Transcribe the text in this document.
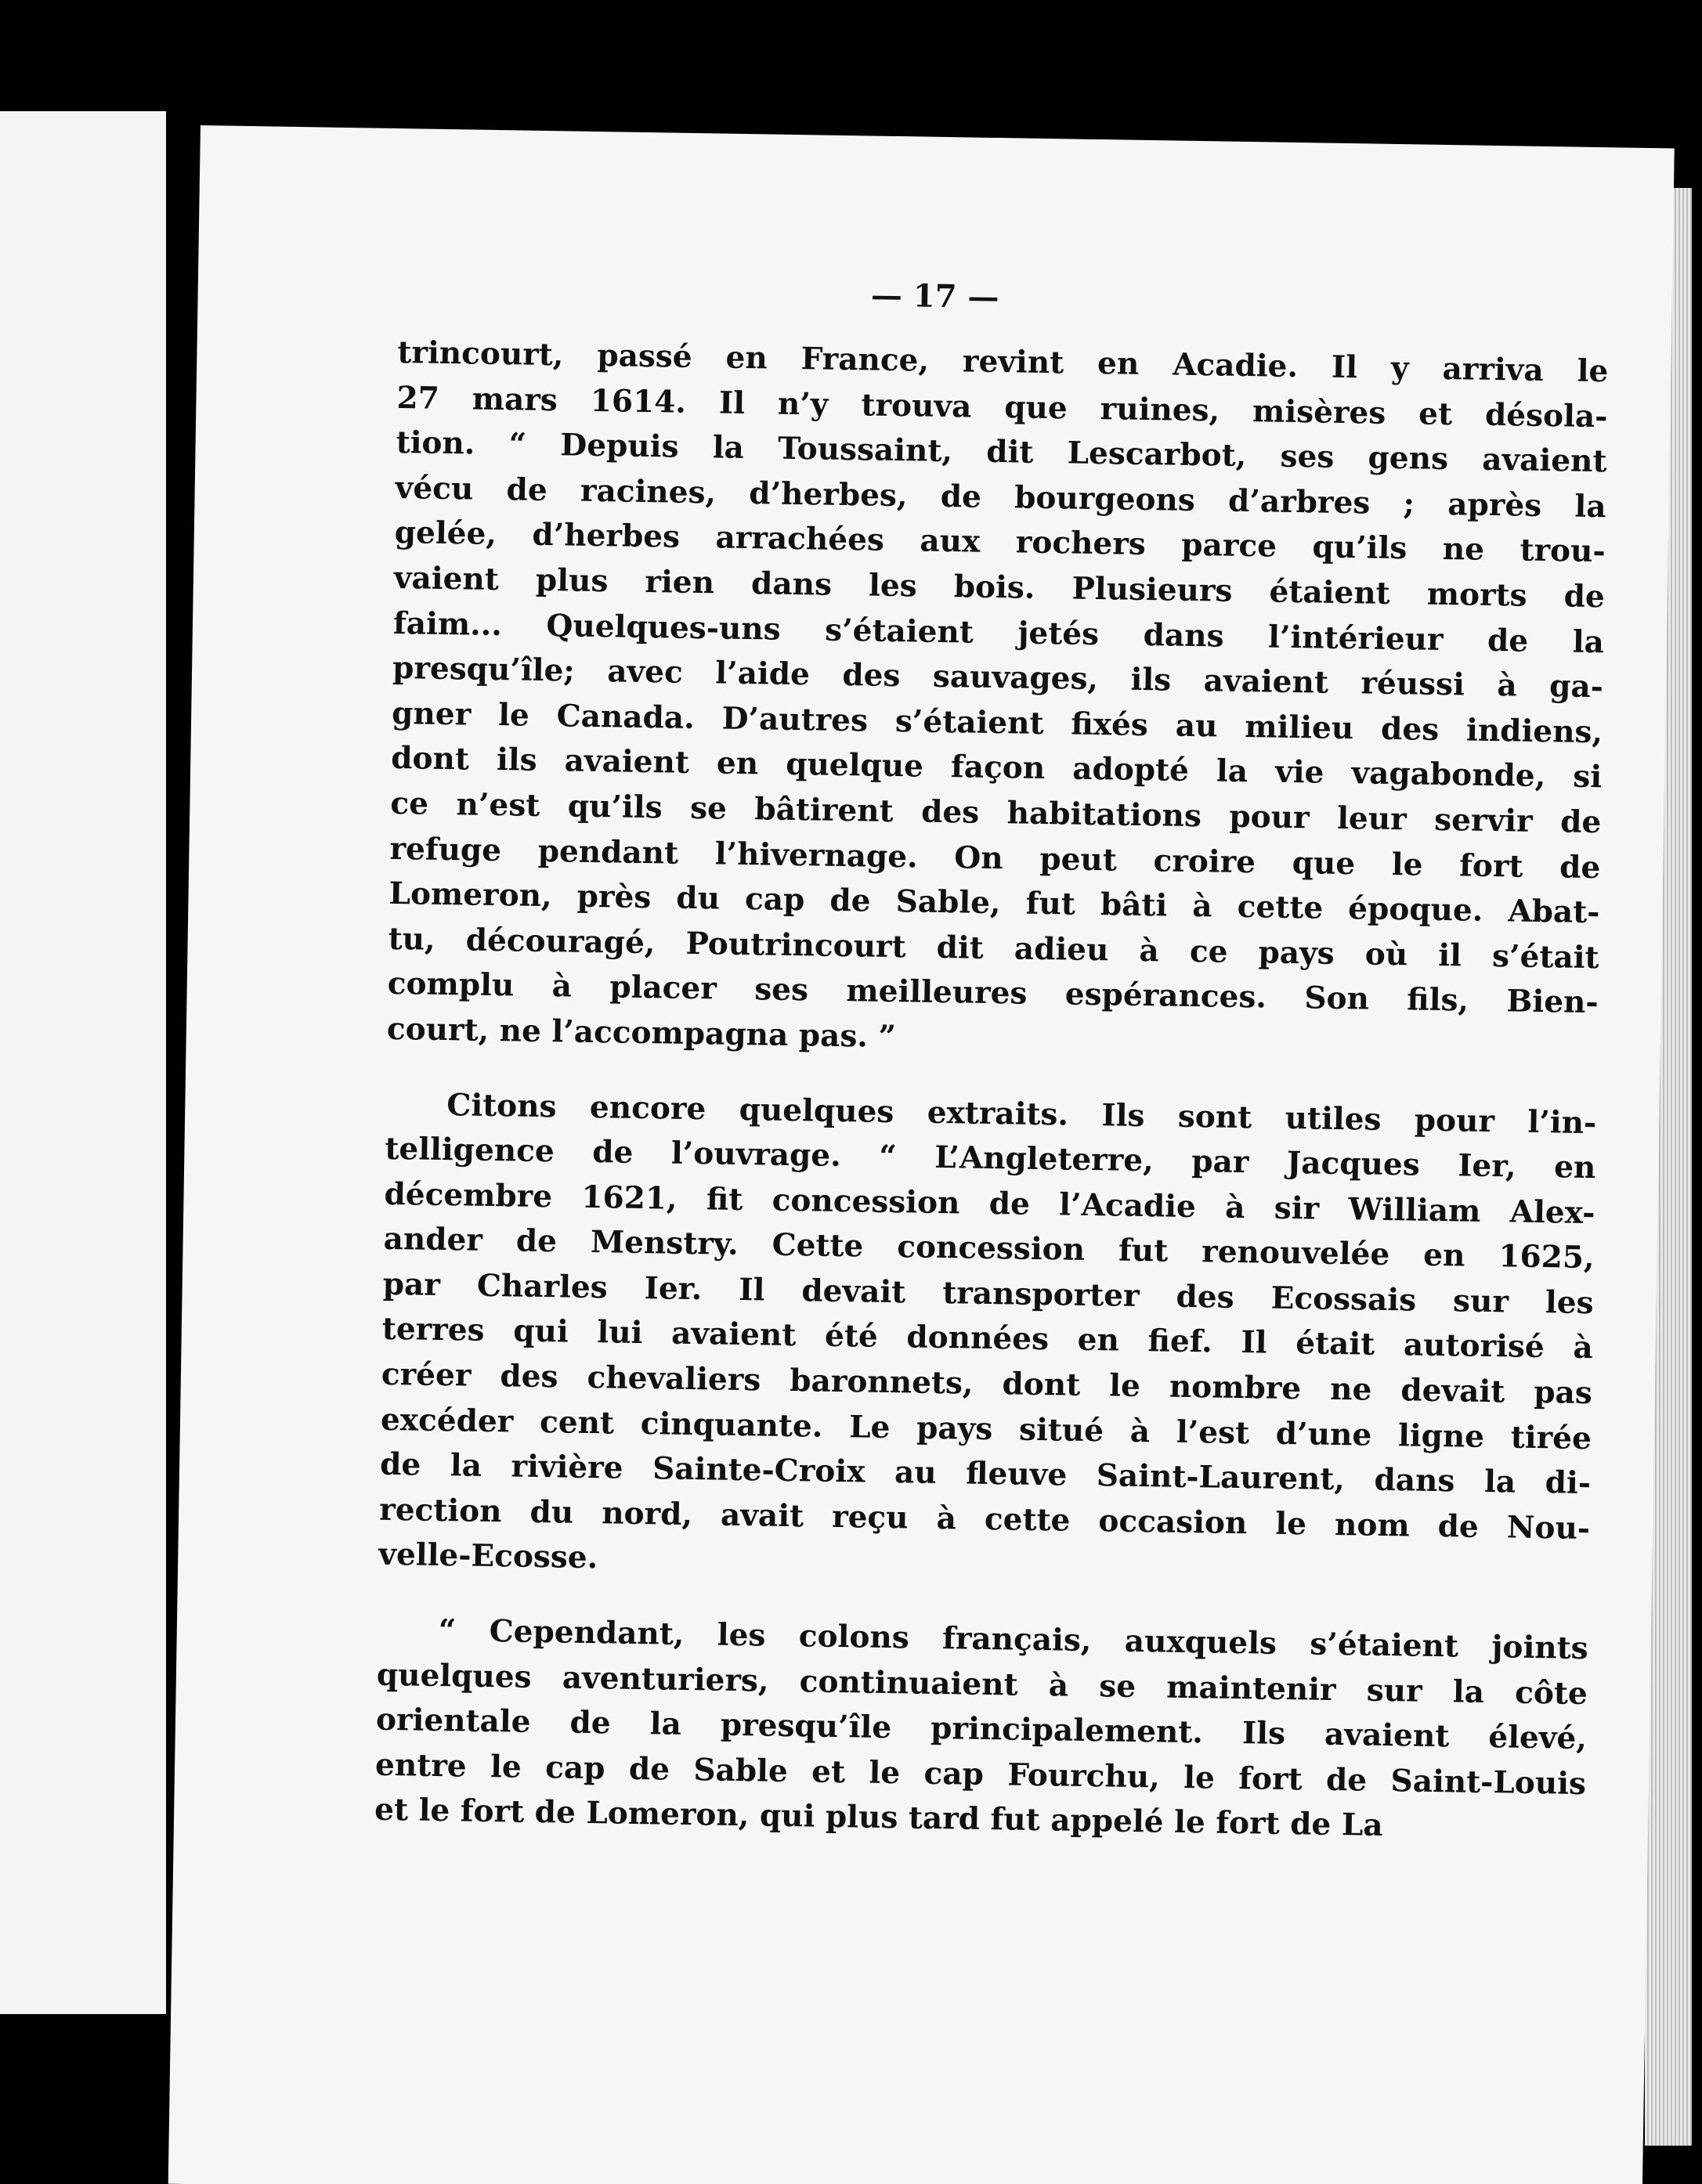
— 17 —

trincourt, passé en France, revint en Acadie. Il y arriva le
27 mars 1614. Il n’y trouva que ruines, misères et désola-
tion. “ Depuis la Toussaint, dit Lescarbot, ses gens avaient
vécu de racines, d’herbes, de bourgeons d’arbres ; après la
gelée, d’herbes arrachées aux rochers parce qu’ils ne trou-
vaient plus rien dans les bois. Plusieurs étaient morts de
faim... Quelques-uns s’étaient jetés dans l’intérieur de la
presqu’île; avec l’aide des sauvages, ils avaient réussi à ga-
gner le Canada. D’autres s’étaient fixés au milieu des indiens,
dont ils avaient en quelque façon adopté la vie vagabonde, si
ce n’est qu’ils se bâtirent des habitations pour leur servir de
refuge pendant l’hivernage. On peut croire que le fort de
Lomeron, près du cap de Sable, fut bâti à cette époque. Abat-
tu, découragé, Poutrincourt dit adieu à ce pays où il s’était
complu à placer ses meilleures espérances. Son fils, Bien-
court, ne l’accompagna pas. ”

Citons encore quelques extraits. Ils sont utiles pour l’in-
telligence de l’ouvrage. “ L’Angleterre, par Jacques Ier, en
décembre 1621, fit concession de l’Acadie à sir William Alex-
ander de Menstry. Cette concession fut renouvelée en 1625,
par Charles Ier. Il devait transporter des Ecossais sur les
terres qui lui avaient été données en fief. Il était autorisé à
créer des chevaliers baronnets, dont le nombre ne devait pas
excéder cent cinquante. Le pays situé à l’est d’une ligne tirée
de la rivière Sainte-Croix au fleuve Saint-Laurent, dans la di-
rection du nord, avait reçu à cette occasion le nom de Nou-
velle-Ecosse.

“ Cependant, les colons français, auxquels s’étaient joints
quelques aventuriers, continuaient à se maintenir sur la côte
orientale de la presqu’île principalement. Ils avaient élevé,
entre le cap de Sable et le cap Fourchu, le fort de Saint-Louis
et le fort de Lomeron, qui plus tard fut appelé le fort de La
